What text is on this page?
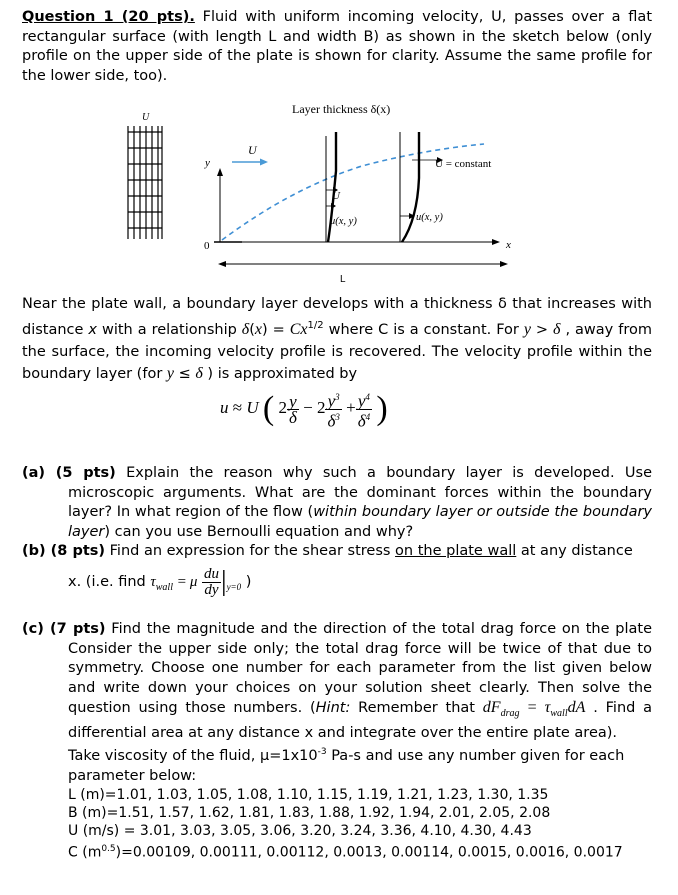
Question 1 (20 pts). Fluid with uniform incoming velocity, U, passes over a flat rectangular surface (with length L and width B) as shown in the sketch below (only profile on the upper side of the plate is shown for clarity. Assume the same profile for the lower side, too).

U
y
0	x
Layer thickness δ(x)
U
U
u(x, y)	u(x, y)
U = constant
L

Near the plate wall, a boundary layer develops with a thickness δ that increases with distance x with a relationship $\delta(x) = Cx^{1/2}$ where C is a constant. For y > δ , away from the surface, the incoming velocity profile is recovered. The velocity profile within the boundary layer (for y ≤ δ ) is approximated by

u ≈ U ( $2 \frac{y}{\delta} - 2 \frac{y^3}{\delta^3} + \frac{y^4}{\delta^4}$ )

(a) (5 pts) Explain the reason why such a boundary layer is developed. Use microscopic arguments. What are the dominant forces within the boundary layer? In what region of the flow (within boundary layer or outside the boundary layer) can you use Bernoulli equation and why?

(b) (8 pts) Find an expression for the shear stress on the plate wall at any distance

x. (i.e. find $\tau_{wall} = \mu \frac{du}{dy} |_{y=0}$ )

(c) (7 pts) Find the magnitude and the direction of the total drag force on the plate Consider the upper side only; the total drag force will be twice of that due to symmetry. Choose one number for each parameter from the list given below and write down your choices on your solution sheet clearly. Then solve the question using those numbers. (Hint: Remember that $dF_{drag} = \tau_{wall}dA$ . Find a differential area at any distance x and integrate over the entire plate area).

Take viscosity of the fluid, $\mu=1x10^{-3}$ Pa-s and use any number given for each parameter below:

L (m)=1.01, 1.03, 1.05, 1.08, 1.10, 1.15, 1.19, 1.21, 1.23, 1.30, 1.35

B (m)=1.51, 1.57, 1.62, 1.81, 1.83, 1.88, 1.92, 1.94, 2.01, 2.05, 2.08

U (m/s) = 3.01, 3.03, 3.05, 3.06, 3.20, 3.24, 3.36, 4.10, 4.30, 4.43

C $(m^{0.5})=0.00109$, 0.00111, 0.00112, 0.0013, 0.00114, 0.0015, 0.0016, 0.0017
